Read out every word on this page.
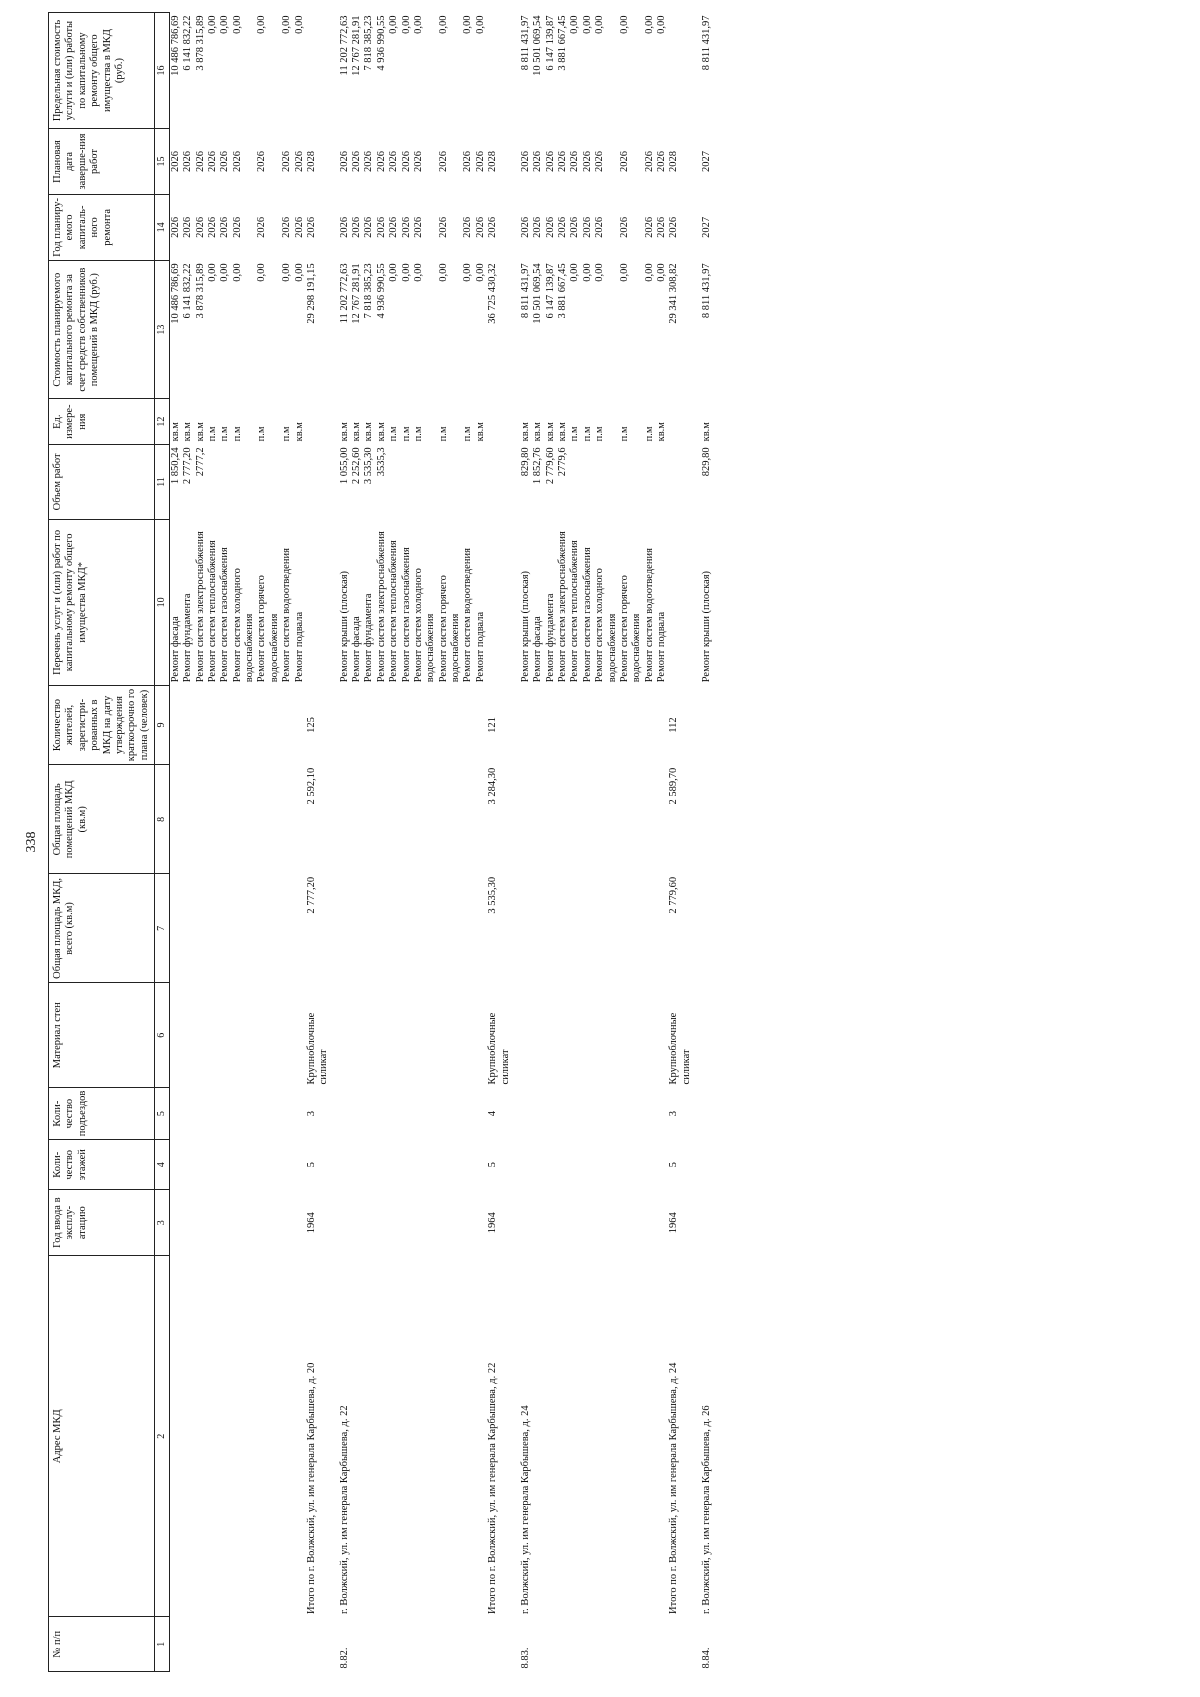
338
№ п/п	Адрес МКД	Год ввода в эксплу-атацию	Коли-чество этажей	Коли-чество подъездов	Материал стен	Общая площадь МКД, всего (кв.м)	Общая площадь помещений МКД (кв.м)	Количество жителей, зарегистри-рованных в МКД на дату утверждения краткосрочно го плана (человек)	Перечень услуг и (или) работ по капитальному ремонту общего имущества МКД*	Объем работ	Ед. измере-ния	Стоимость планируемого капитального ремонта за счет средств собственников помещений в МКД (руб.)	Год планиру-емого капиталь-ного ремонта	Плановая дата заверше-ния работ	Предельная стоимость услуги и (или) работы по капитальному ремонту общего имущества в МКД (руб.)
1	2	3	4	5	6	7	8	9	10	11	12	13	14	15	16
									Ремонт фасада	1 850,24	кв.м	10 486 786,69	2026	2026	10 486 786,69
									Ремонт фундамента	2 777,20	кв.м	6 141 832,22	2026	2026	6 141 832,22
									Ремонт систем электроснабжения	2777,2	кв.м	3 878 315,89	2026	2026	3 878 315,89
									Ремонт систем теплоснабжения		п.м	0,00	2026	2026	0,00
									Ремонт систем газоснабжения		п.м	0,00	2026	2026	0,00
									Ремонт систем холодного водоснабжения		п.м	0,00	2026	2026	0,00
									Ремонт систем горячего водоснабжения		п.м	0,00	2026	2026	0,00
									Ремонт систем водоотведения		п.м	0,00	2026	2026	0,00
									Ремонт подвала		кв.м	0,00	2026	2026	0,00
	Итого по г. Волжский, ул. им генерала Карбышева, д. 20	1964	5	3	Крупноблочные силикат	2 777,20	2 592,10	125				29 298 191,15	2026	2028	

8.82.	г. Волжский, ул. им генерала Карбышева, д. 22								Ремонт крыши (плоская)	1 055,00	кв.м	11 202 772,63	2026	2026	11 202 772,63
									Ремонт фасада	2 252,60	кв.м	12 767 281,91	2026	2026	12 767 281,91
									Ремонт фундамента	3 535,30	кв.м	7 818 385,23	2026	2026	7 818 385,23
									Ремонт систем электроснабжения	3535,3	кв.м	4 936 990,55	2026	2026	4 936 990,55
									Ремонт систем теплоснабжения		п.м	0,00	2026	2026	0,00
									Ремонт систем газоснабжения		п.м	0,00	2026	2026	0,00
									Ремонт систем холодного водоснабжения		п.м	0,00	2026	2026	0,00
									Ремонт систем горячего водоснабжения		п.м	0,00	2026	2026	0,00
									Ремонт систем водоотведения		п.м	0,00	2026	2026	0,00
									Ремонт подвала		кв.м	0,00	2026	2026	0,00
	Итого по г. Волжский, ул. им генерала Карбышева, д. 22	1964	5	4	Крупноблочные силикат	3 535,30	3 284,30	121				36 725 430,32	2026	2028	

8.83.	г. Волжский, ул. им генерала Карбышева, д. 24								Ремонт крыши (плоская)	829,80	кв.м	8 811 431,97	2026	2026	8 811 431,97
									Ремонт фасада	1 852,76	кв.м	10 501 069,54	2026	2026	10 501 069,54
									Ремонт фундамента	2 779,60	кв.м	6 147 139,87	2026	2026	6 147 139,87
									Ремонт систем электроснабжения	2779,6	кв.м	3 881 667,45	2026	2026	3 881 667,45
									Ремонт систем теплоснабжения		п.м	0,00	2026	2026	0,00
									Ремонт систем газоснабжения		п.м	0,00	2026	2026	0,00
									Ремонт систем холодного водоснабжения		п.м	0,00	2026	2026	0,00
									Ремонт систем горячего водоснабжения		п.м	0,00	2026	2026	0,00
									Ремонт систем водоотведения		п.м	0,00	2026	2026	0,00
									Ремонт подвала		кв.м	0,00	2026	2026	0,00
	Итого по г. Волжский, ул. им генерала Карбышева, д. 24	1964	5	3	Крупноблочные силикат	2 779,60	2 589,70	112				29 341 308,82	2026	2028	

8.84.	г. Волжский, ул. им генерала Карбышева, д. 26								Ремонт крыши (плоская)	829,80	кв.м	8 811 431,97	2027	2027	8 811 431,97
